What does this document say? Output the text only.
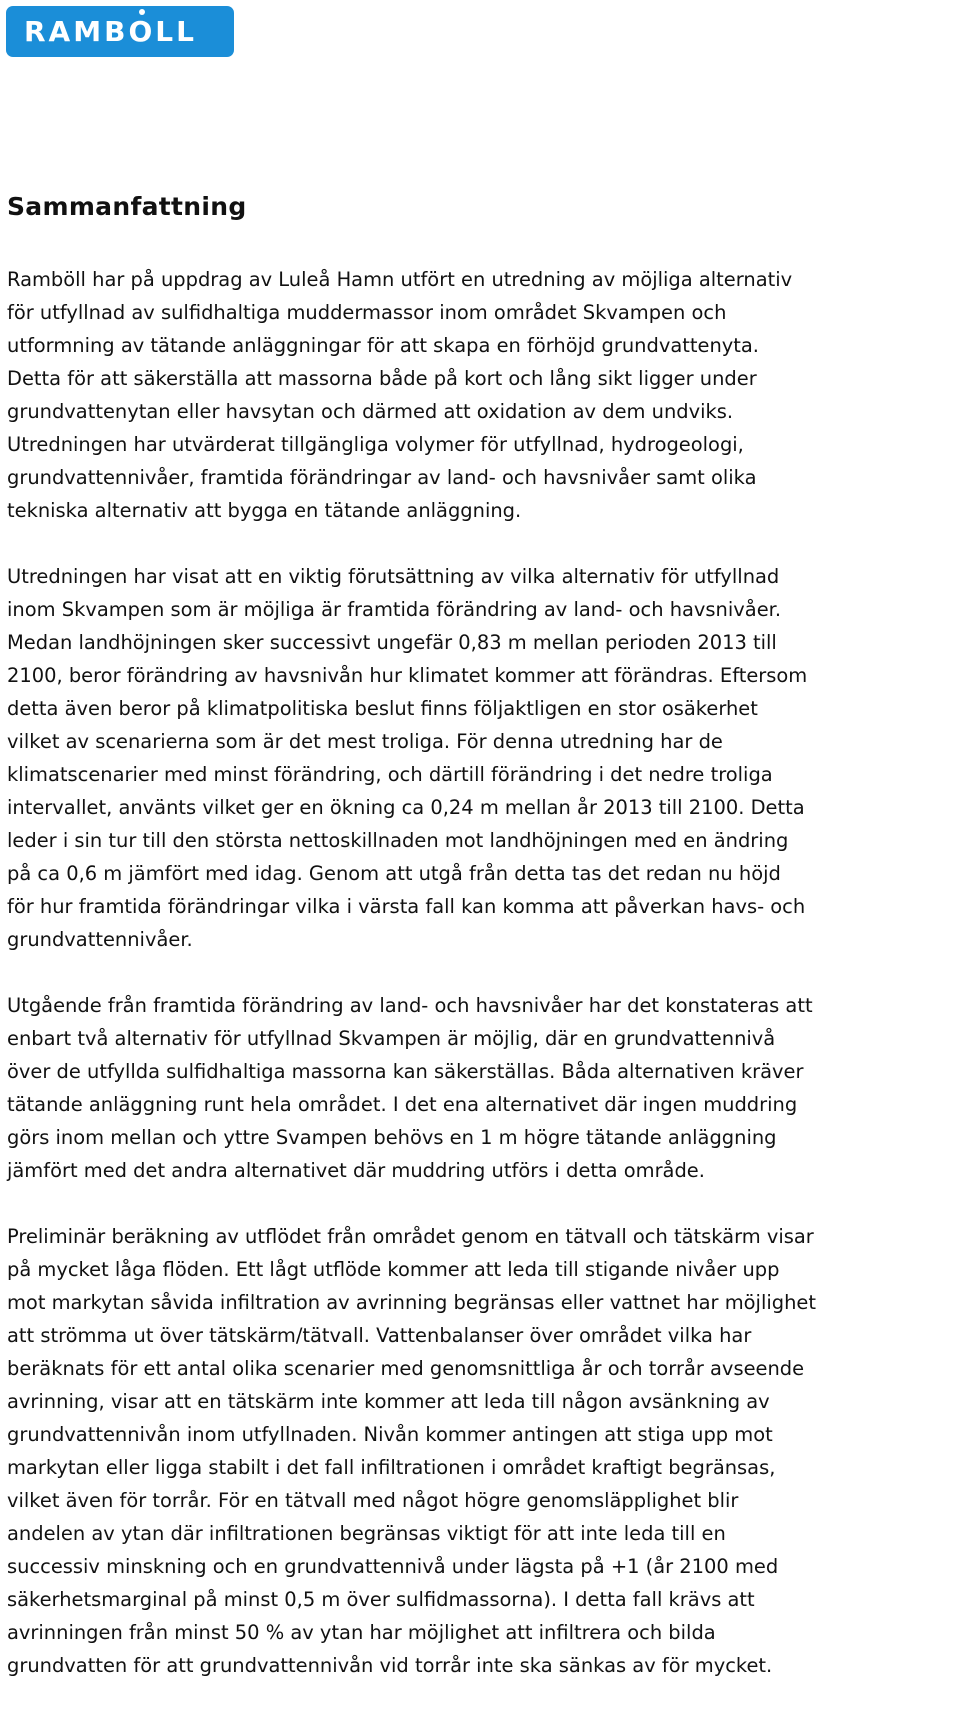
RAMBO
LL
Sammanfattning

Ramböll har på uppdrag av Luleå Hamn utfört en utredning av möjliga alternativ
för utfyllnad av sulfidhaltiga muddermassor inom området Skvampen och
utformning av tätande anläggningar för att skapa en förhöjd grundvattenyta.
Detta för att säkerställa att massorna både på kort och lång sikt ligger under
grundvattenytan eller havsytan och därmed att oxidation av dem undviks.
Utredningen har utvärderat tillgängliga volymer för utfyllnad, hydrogeologi,
grundvattennivåer, framtida förändringar av land- och havsnivåer samt olika
tekniska alternativ att bygga en tätande anläggning.

Utredningen har visat att en viktig förutsättning av vilka alternativ för utfyllnad
inom Skvampen som är möjliga är framtida förändring av land- och havsnivåer.
Medan landhöjningen sker successivt ungefär 0,83 m mellan perioden 2013 till
2100, beror förändring av havsnivån hur klimatet kommer att förändras. Eftersom
detta även beror på klimatpolitiska beslut finns följaktligen en stor osäkerhet
vilket av scenarierna som är det mest troliga. För denna utredning har de
klimatscenarier med minst förändring, och därtill förändring i det nedre troliga
intervallet, använts vilket ger en ökning ca 0,24 m mellan år 2013 till 2100. Detta
leder i sin tur till den största nettoskillnaden mot landhöjningen med en ändring
på ca 0,6 m jämfört med idag. Genom att utgå från detta tas det redan nu höjd
för hur framtida förändringar vilka i värsta fall kan komma att påverkan havs- och
grundvattennivåer.

Utgående från framtida förändring av land- och havsnivåer har det konstateras att
enbart två alternativ för utfyllnad Skvampen är möjlig, där en grundvattennivå
över de utfyllda sulfidhaltiga massorna kan säkerställas. Båda alternativen kräver
tätande anläggning runt hela området. I det ena alternativet där ingen muddring
görs inom mellan och yttre Svampen behövs en 1 m högre tätande anläggning
jämfört med det andra alternativet där muddring utförs i detta område.

Preliminär beräkning av utflödet från området genom en tätvall och tätskärm visar
på mycket låga flöden. Ett lågt utflöde kommer att leda till stigande nivåer upp
mot markytan såvida infiltration av avrinning begränsas eller vattnet har möjlighet
att strömma ut över tätskärm/tätvall. Vattenbalanser över området vilka har
beräknats för ett antal olika scenarier med genomsnittliga år och torrår avseende
avrinning, visar att en tätskärm inte kommer att leda till någon avsänkning av
grundvattennivån inom utfyllnaden. Nivån kommer antingen att stiga upp mot
markytan eller ligga stabilt i det fall infiltrationen i området kraftigt begränsas,
vilket även för torrår. För en tätvall med något högre genomsläpplighet blir
andelen av ytan där infiltrationen begränsas viktigt för att inte leda till en
successiv minskning och en grundvattennivå under lägsta på +1 (år 2100 med
säkerhetsmarginal på minst 0,5 m över sulfidmassorna). I detta fall krävs att
avrinningen från minst 50 % av ytan har möjlighet att infiltrera och bilda
grundvatten för att grundvattennivån vid torrår inte ska sänkas av för mycket.
